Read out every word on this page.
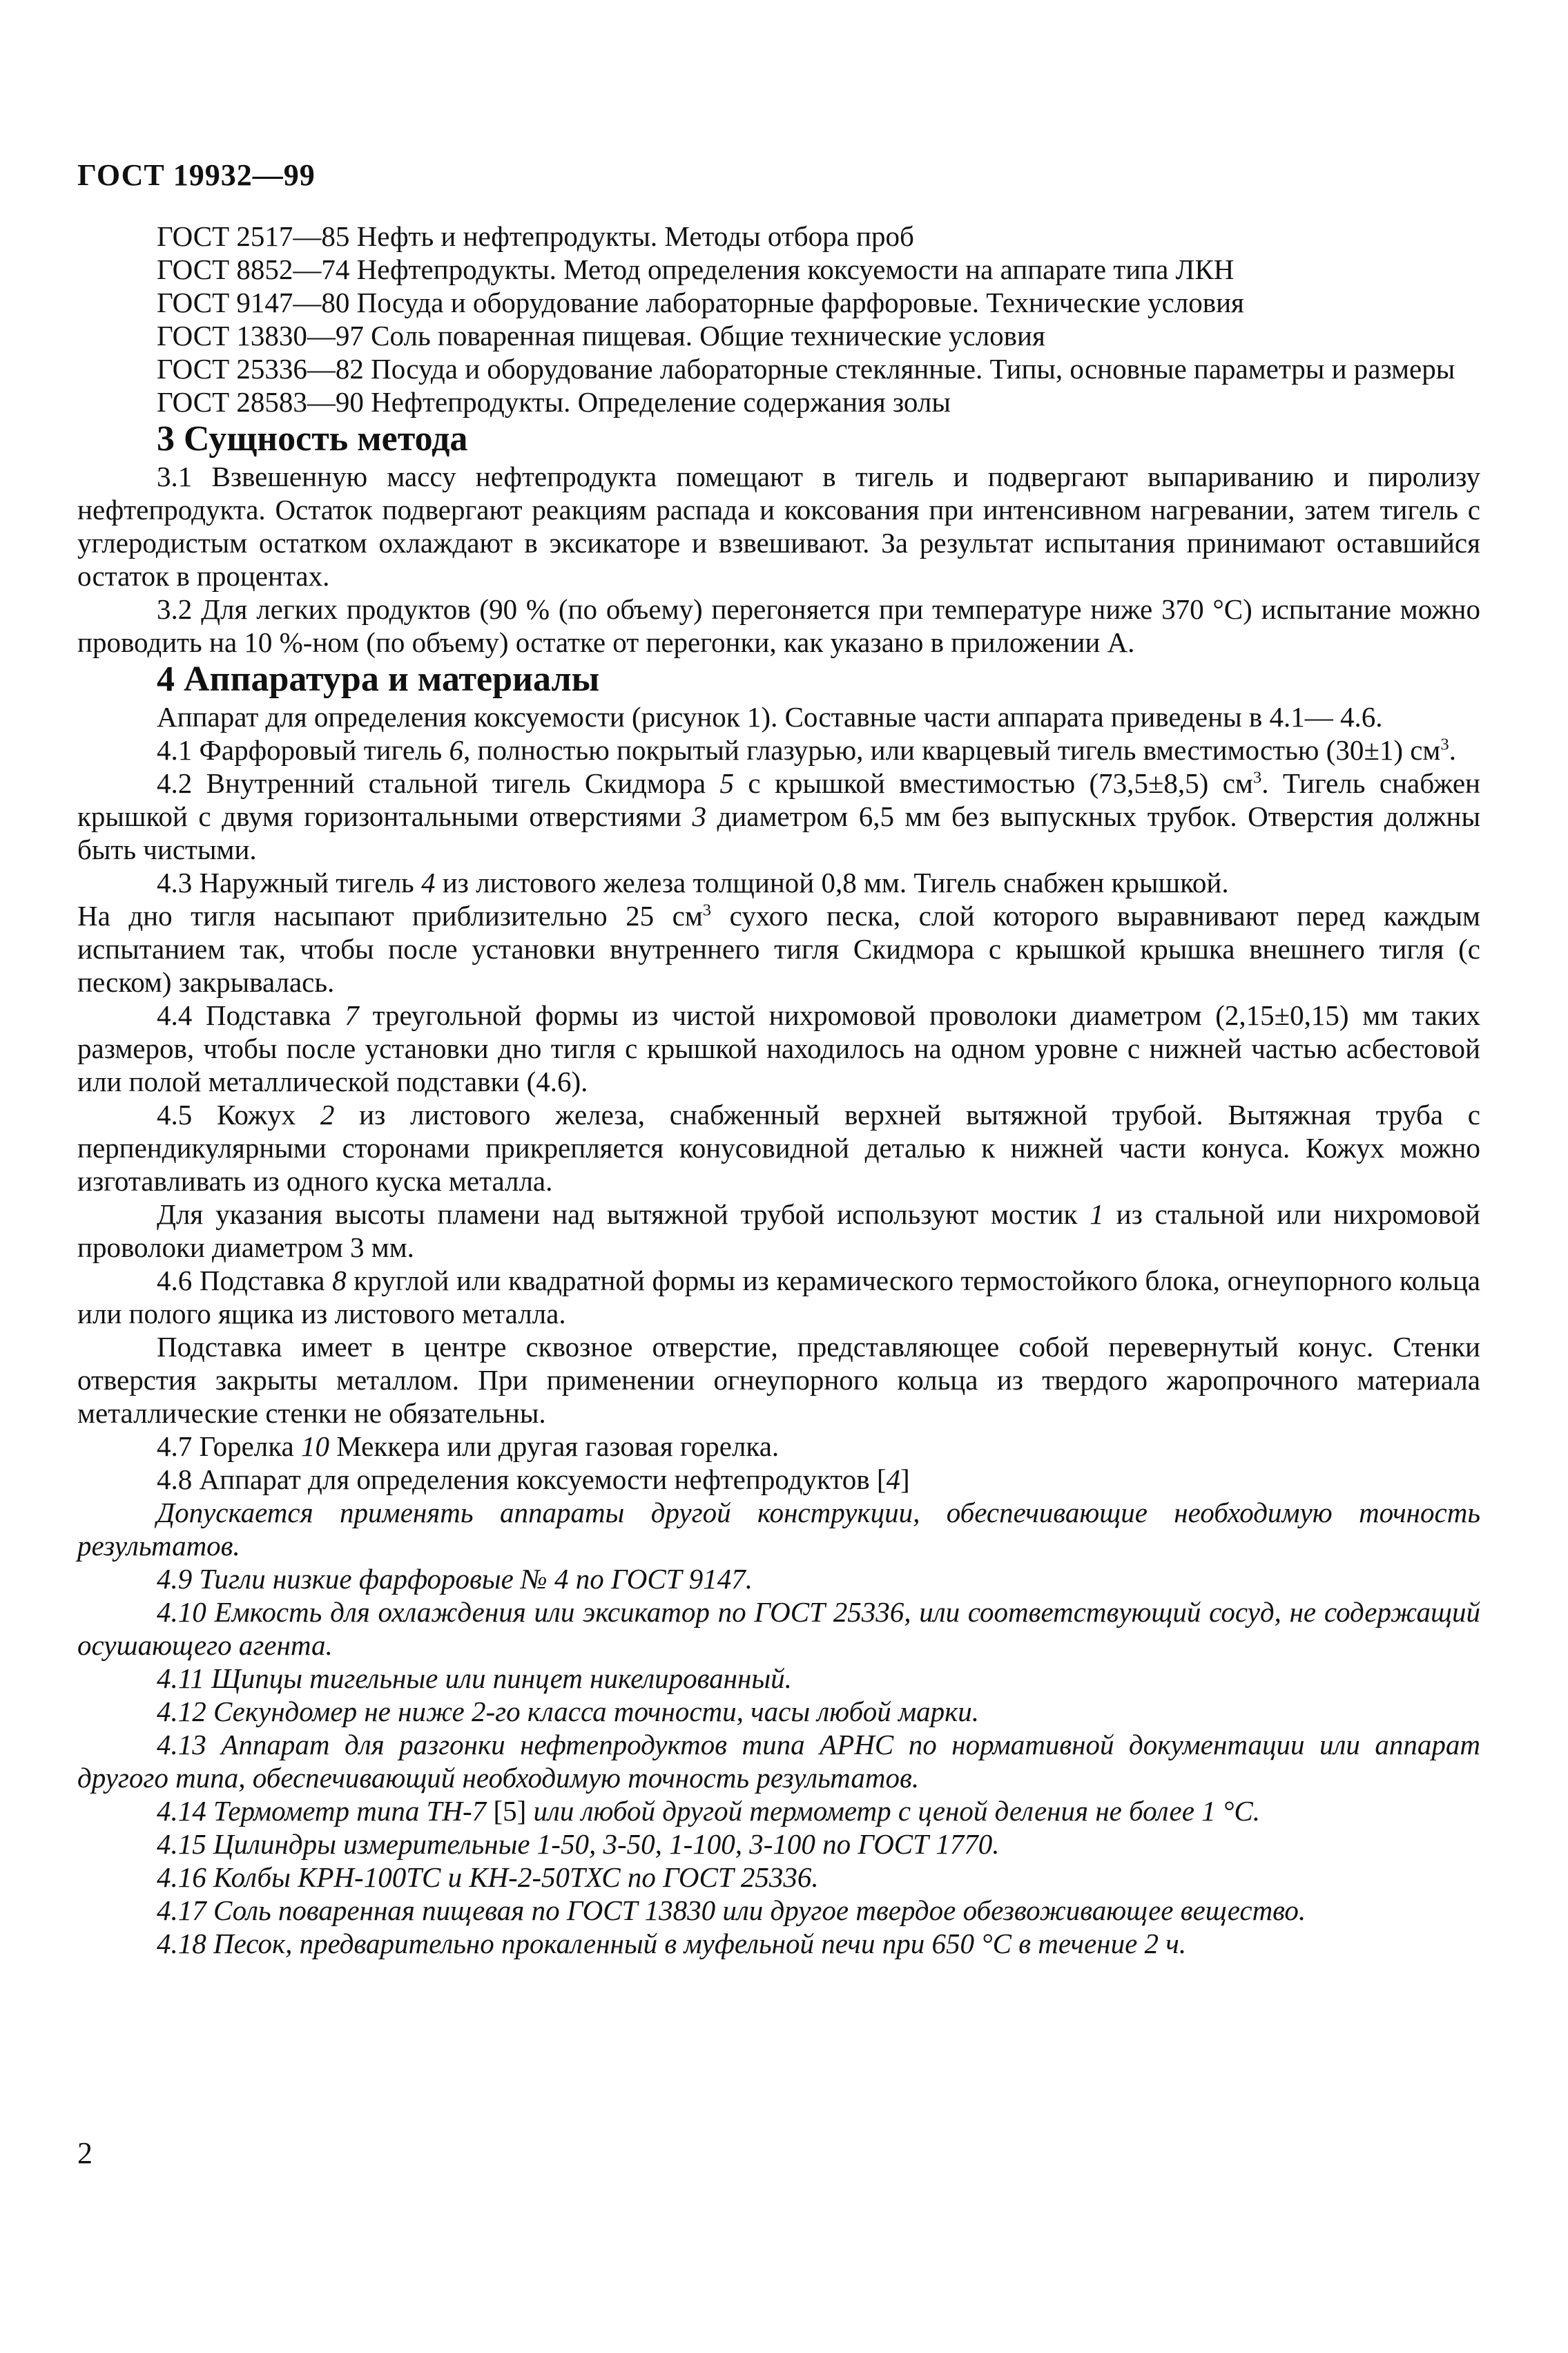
ГОСТ 19932—99

ГОСТ 2517—85 Нефть и нефтепродукты. Методы отбора проб

ГОСТ 8852—74 Нефтепродукты. Метод определения коксуемости на аппарате типа ЛКН

ГОСТ 9147—80 Посуда и оборудование лабораторные фарфоровые. Технические условия

ГОСТ 13830—97 Соль поваренная пищевая. Общие технические условия

ГОСТ 25336—82 Посуда и оборудование лабораторные стеклянные. Типы, основные параметры и размеры

ГОСТ 28583—90 Нефтепродукты. Определение содержания золы

3 Сущность метода

3.1 Взвешенную массу нефтепродукта помещают в тигель и подвергают выпариванию и пиролизу нефтепродукта. Остаток подвергают реакциям распада и коксования при интенсивном нагревании, затем тигель с углеродистым остатком охлаждают в эксикаторе и взвешивают. За результат испытания принимают оставшийся остаток в процентах.

3.2 Для легких продуктов (90 % (по объему) перегоняется при температуре ниже 370 °С) испытание можно проводить на 10 %-ном (по объему) остатке от перегонки, как указано в приложении А.

4 Аппаратура и материалы

Аппарат для определения коксуемости (рисунок 1). Составные части аппарата приведены в 4.1— 4.6.

4.1 Фарфоровый тигель 6, полностью покрытый глазурью, или кварцевый тигель вместимостью (30±1) $см^3$.

4.2 Внутренний стальной тигель Скидмора 5 с крышкой вместимостью (73,5±8,5) $см^3$. Тигель снабжен крышкой с двумя горизонтальными отверстиями 3 диаметром 6,5 мм без выпускных трубок. Отверстия должны быть чистыми.

4.3 Наружный тигель 4 из листового железа толщиной 0,8 мм. Тигель снабжен крышкой.

На дно тигля насыпают приблизительно 25 $см^3$ сухого песка, слой которого выравнивают перед каждым испытанием так, чтобы после установки внутреннего тигля Скидмора с крышкой крышка внешнего тигля (с песком) закрывалась.

4.4 Подставка 7 треугольной формы из чистой нихромовой проволоки диаметром (2,15±0,15) мм таких размеров, чтобы после установки дно тигля с крышкой находилось на одном уровне с нижней частью асбестовой или полой металлической подставки (4.6).

4.5 Кожух 2 из листового железа, снабженный верхней вытяжной трубой. Вытяжная труба с перпендикулярными сторонами прикрепляется конусовидной деталью к нижней части конуса. Кожух можно изготавливать из одного куска металла.

Для указания высоты пламени над вытяжной трубой используют мостик 1 из стальной или нихромовой проволоки диаметром 3 мм.

4.6 Подставка 8 круглой или квадратной формы из керамического термостойкого блока, огнеупорного кольца или полого ящика из листового металла.

Подставка имеет в центре сквозное отверстие, представляющее собой перевернутый конус. Стенки отверстия закрыты металлом. При применении огнеупорного кольца из твердого жаропрочного материала металлические стенки не обязательны.

4.7 Горелка 10 Меккера или другая газовая горелка.

4.8 Аппарат для определения коксуемости нефтепродуктов [4]

Допускается применять аппараты другой конструкции, обеспечивающие необходимую точность результатов.

4.9 Тигли низкие фарфоровые № 4 по ГОСТ 9147.

4.10 Емкость для охлаждения или эксикатор по ГОСТ 25336, или соответствующий сосуд, не содержащий осушающего агента.

4.11 Щипцы тигельные или пинцет никелированный.

4.12 Секундомер не ниже 2-го класса точности, часы любой марки.

4.13 Аппарат для разгонки нефтепродуктов типа АРНС по нормативной документации или аппарат другого типа, обеспечивающий необходимую точность результатов.

4.14 Термометр типа ТН-7 [5] или любой другой термометр с ценой деления не более 1 °С.

4.15 Цилиндры измерительные 1-50, 3-50, 1-100, 3-100 по ГОСТ 1770.

4.16 Колбы КРН-100ТС и КН-2-50ТХС по ГОСТ 25336.

4.17 Соль поваренная пищевая по ГОСТ 13830 или другое твердое обезвоживающее вещество.

4.18 Песок, предварительно прокаленный в муфельной печи при 650 °С в течение 2 ч.

2
